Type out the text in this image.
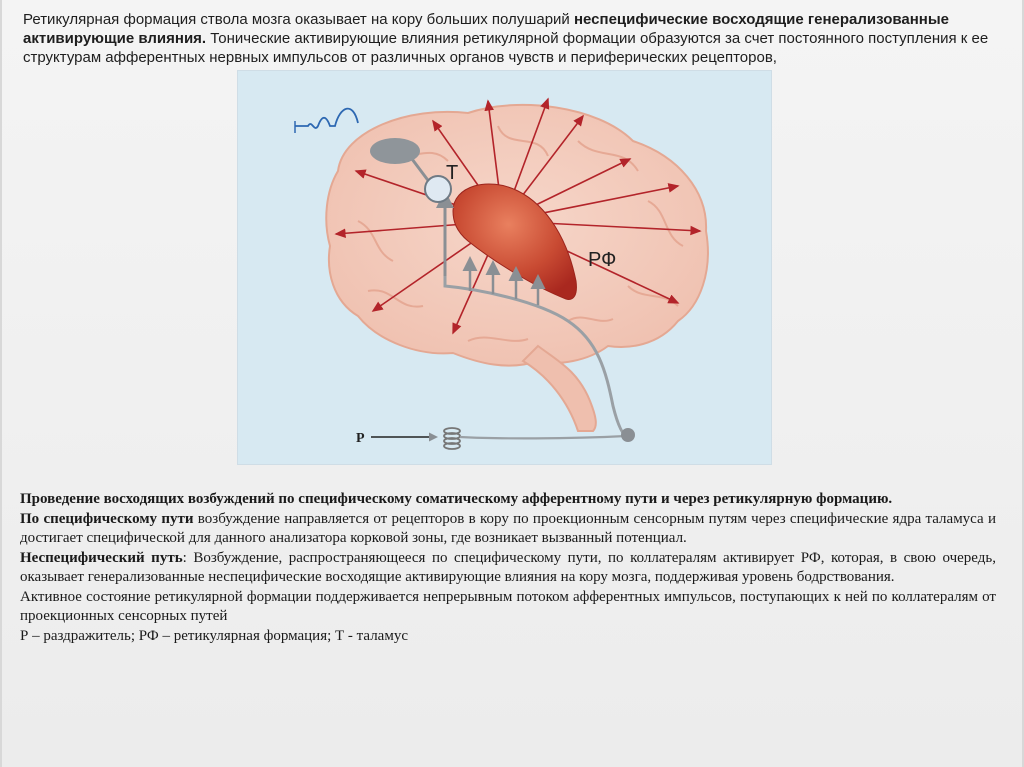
Ретикулярная формация ствола мозга оказывает на кору больших полушарий неспецифические восходящие генерализованные активирующие влияния. Тонические активирующие влияния ретикулярной формации образуются за счет постоянного поступления к ее структурам афферентных нервных импульсов от различных органов чувств и периферических рецепторов,
Т
РФ
Р

Проведение восходящих возбуждений по специфическому соматическому афферентному пути и через ретикулярную формацию.

По специфическому пути возбуждение направляется от рецепторов в кору по проекционным сенсорным путям через специфические ядра таламуса и достигает специфической для данного анализатора корковой зоны, где возникает вызванный потенциал.

Неспецифический путь: Возбуждение, распространяющееся по специфическому пути, по коллатералям активирует РФ, которая, в свою очередь, оказывает генерализованные неспецифические восходящие активирующие влияния на кору мозга, поддерживая уровень бодрствования.

Активное состояние ретикулярной формации поддерживается непрерывным потоком афферентных импульсов, поступающих к ней по коллатералям от проекционных сенсорных путей

Р – раздражитель; РФ – ретикулярная формация; Т - таламус
